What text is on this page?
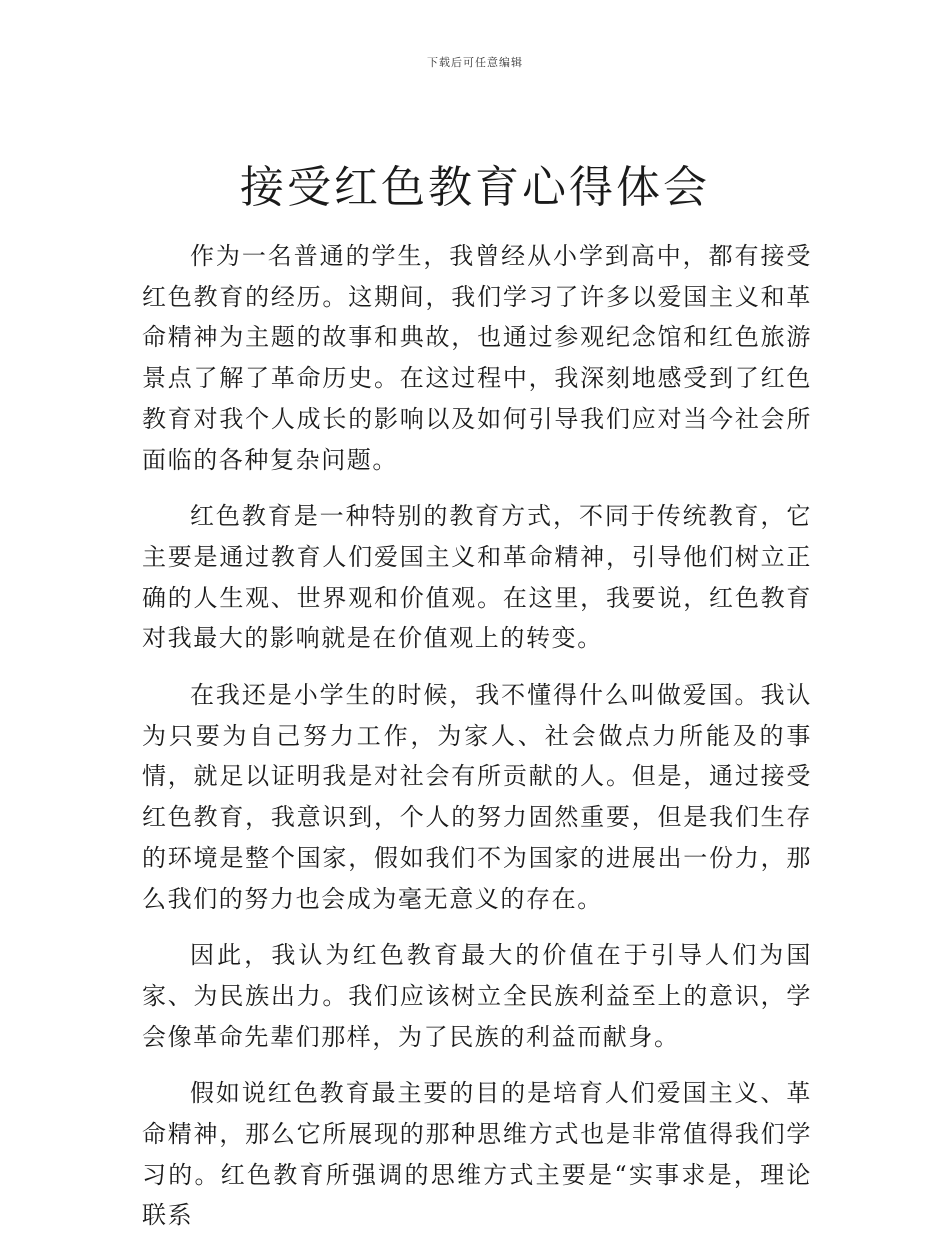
下载后可任意编辑
接受红色教育心得体会

作为一名普通的学生，我曾经从小学到高中，都有接受红色教育的经历。这期间，我们学习了许多以爱国主义和革命精神为主题的故事和典故，也通过参观纪念馆和红色旅游景点了解了革命历史。在这过程中，我深刻地感受到了红色教育对我个人成长的影响以及如何引导我们应对当今社会所面临的各种复杂问题。

红色教育是一种特别的教育方式，不同于传统教育，它主要是通过教育人们爱国主义和革命精神，引导他们树立正确的人生观、世界观和价值观。在这里，我要说，红色教育对我最大的影响就是在价值观上的转变。

在我还是小学生的时候，我不懂得什么叫做爱国。我认为只要为自己努力工作，为家人、社会做点力所能及的事情，就足以证明我是对社会有所贡献的人。但是，通过接受红色教育，我意识到，个人的努力固然重要，但是我们生存的环境是整个国家，假如我们不为国家的进展出一份力，那么我们的努力也会成为毫无意义的存在。

因此，我认为红色教育最大的价值在于引导人们为国家、为民族出力。我们应该树立全民族利益至上的意识，学会像革命先辈们那样，为了民族的利益而献身。

假如说红色教育最主要的目的是培育人们爱国主义、革命精神，那么它所展现的那种思维方式也是非常值得我们学习的。红色教育所强调的思维方式主要是“实事求是，理论联系
